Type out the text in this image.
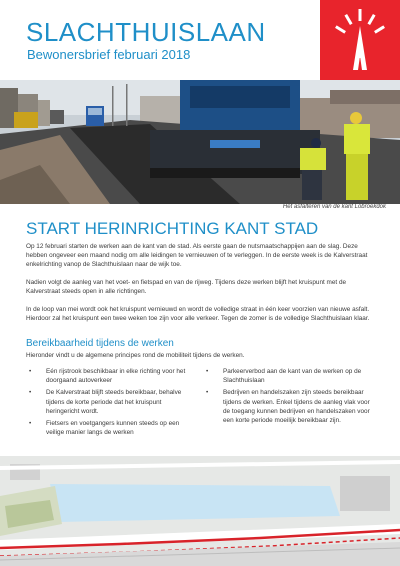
SLACHTHUISLAAN
Bewonersbrief februari 2018
Het asfalteren van de kant Lobroekdok
START HERINRICHTING KANT STAD

Op 12 februari starten de werken aan de kant van de stad. Als eerste gaan de nutsmaatschappijen aan de slag. Deze hebben ongeveer een maand nodig om alle leidingen te vernieuwen of te verleggen. In de eerste week is de Kalverstraat enkelrichting vanop de Slachthuislaan naar de wijk toe.

Nadien volgt de aanleg van het voet- en fietspad en van de rijweg. Tijdens deze werken blijft het kruispunt met de Kalverstraat steeds open in alle richtingen.

In de loop van mei wordt ook het kruispunt vernieuwd en wordt de volledige straat in één keer voorzien van nieuwe asfalt. Hierdoor zal het kruispunt een twee weken toe zijn voor alle verkeer. Tegen de zomer is de volledige Slachthuislaan klaar.

Bereikbaarheid tijdens de werken
Hieronder vindt u de algemene principes rond de mobiliteit tijdens de werken.
• Eén rijstrook beschikbaar in elke richting voor het doorgaand autoverkeer
• De Kalverstraat blijft steeds bereikbaar, behalve tijdens de korte periode dat het kruispunt heringericht wordt.
• Fietsers en voetgangers kunnen steeds op een veilige manier langs de werken
• Parkeerverbod aan de kant van de werken op de Slachthuislaan
• Bedrijven en handelszaken zijn steeds bereikbaar tijdens de werken. Enkel tijdens de aanleg vlak voor de toegang kunnen bedrijven en handelszaken voor een korte periode moeilijk bereikbaar zijn.
